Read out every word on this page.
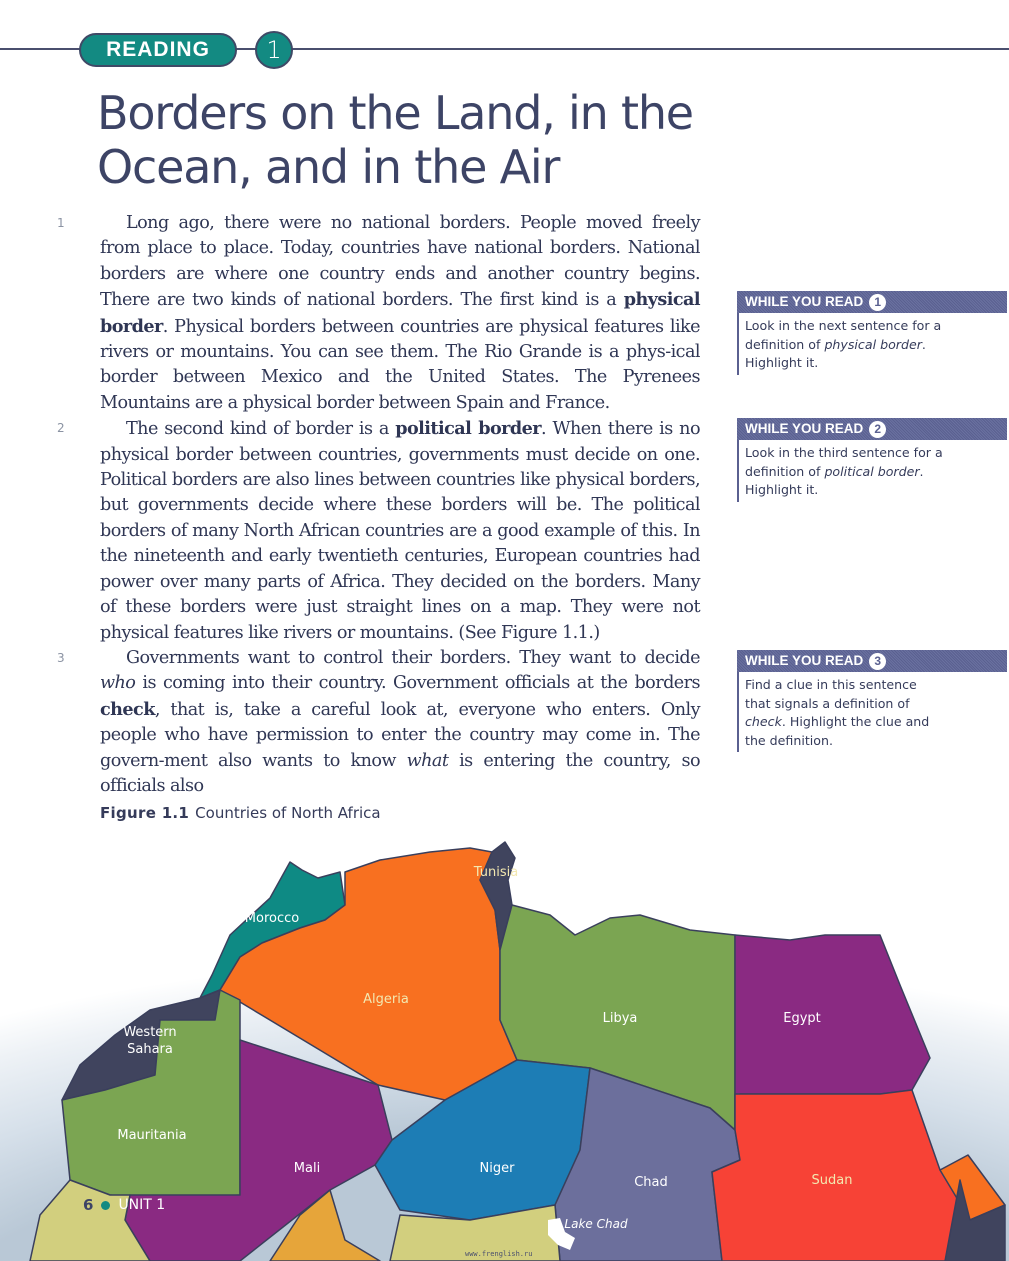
READING	1
Borders on the Land, in the
Ocean, and in the Air

1	Long ago, there were no national borders. People moved freely from place to place. Today, countries have national borders. National borders are where one country ends and another country begins. There are two kinds of national borders. The first kind is a physical border. Physical borders between countries are physical features like rivers or mountains. You can see them. The Rio Grande is a phys-ical border between Mexico and the United States. The Pyrenees Mountains are a physical border between Spain and France.

2	The second kind of border is a political border. When there is no physical border between countries, governments must decide on one. Political borders are also lines between countries like physical borders, but governments decide where these borders will be. The political borders of many North African countries are a good example of this. In the nineteenth and early twentieth centuries, European countries had power over many parts of Africa. They decided on the borders. Many of these borders were just straight lines on a map. They were not physical features like rivers or mountains. (See Figure 1.1.)

3	Governments want to control their borders. They want to decide who is coming into their country. Government officials at the borders check, that is, take a careful look at, everyone who enters. Only people who have permission to enter the country may come in. The govern-ment also wants to know what is entering the country, so officials also

WHILE YOU READ 1
Look in the next sentence for a definition of physical border. Highlight it.
WHILE YOU READ 2
Look in the third sentence for a definition of political border. Highlight it.
WHILE YOU READ 3
Find a clue in this sentence that signals a definition of check. Highlight the clue and the definition.
Figure 1.1 Countries of North Africa
Morocco
Algeria
Tunisia
Libya	Egypt
Western Sahara
Mauritania
Mali	Niger
Chad	Sudan
Lake Chad
6 UNIT 1
www.frenglish.ru
